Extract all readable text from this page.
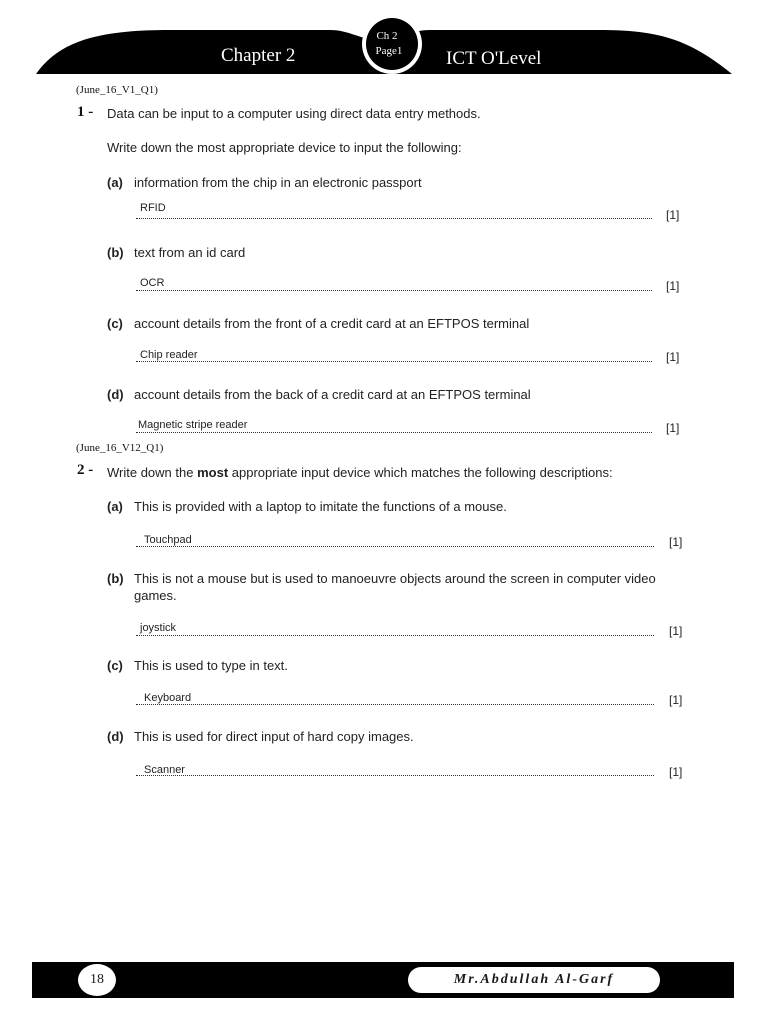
Chapter 2	ICT O'Level
Ch 2
Page1
(June_16_V1_Q1)
1 - Data can be input to a computer using direct data entry methods.
Write down the most appropriate device to input the following:
(a) information from the chip in an electronic passport
RFID	[1]
(b) text from an id card
OCR	[1]
(c) account details from the front of a credit card at an EFTPOS terminal
Chip reader	[1]
(d) account details from the back of a credit card at an EFTPOS terminal
Magnetic stripe reader	[1]
(June_16_V12_Q1)
2 - Write down the most appropriate input device which matches the following descriptions:
(a) This is provided with a laptop to imitate the functions of a mouse.
Touchpad	[1]
(b) This is not a mouse but is used to manoeuvre objects around the screen in computer video
games.
joystick	[1]
(c) This is used to type in text.
Keyboard	[1]
(d) This is used for direct input of hard copy images.
Scanner	[1]
18	Mr.Abdullah Al-Garf
